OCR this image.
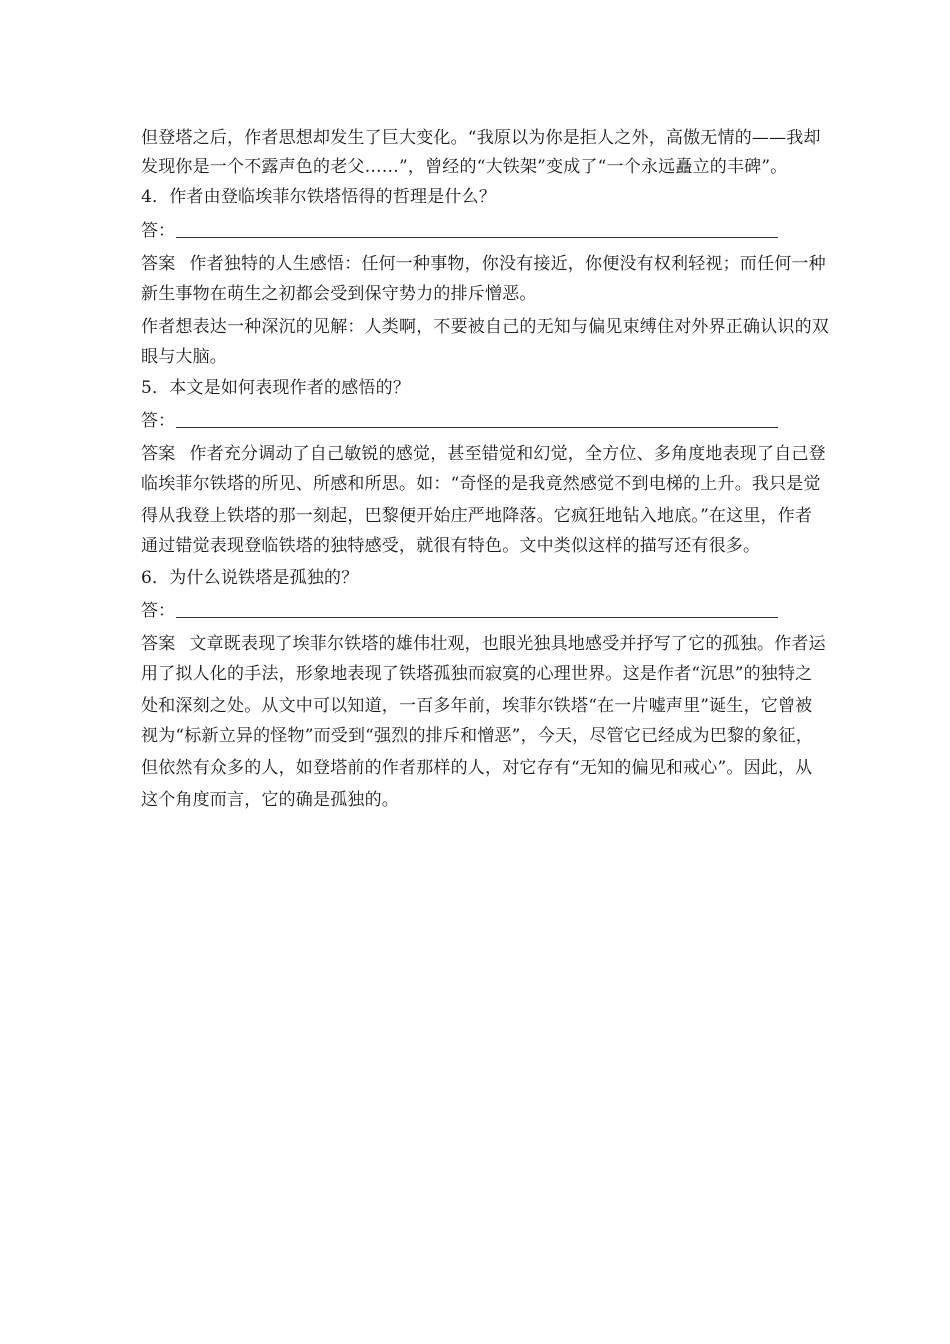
但登塔之后，作者思想却发生了巨大变化。“我原以为你是拒人之外，高傲无情的——我却
发现你是一个不露声色的老父……”，曾经的“大铁架”变成了“一个永远矗立的丰碑”。
4．作者由登临埃菲尔铁塔悟得的哲理是什么？
答：
答案 作者独特的人生感悟：任何一种事物，你没有接近，你便没有权利轻视；而任何一种
新生事物在萌生之初都会受到保守势力的排斥憎恶。
作者想表达一种深沉的见解：人类啊，不要被自己的无知与偏见束缚住对外界正确认识的双
眼与大脑。
5．本文是如何表现作者的感悟的？
答：
答案 作者充分调动了自己敏锐的感觉，甚至错觉和幻觉，全方位、多角度地表现了自己登
临埃菲尔铁塔的所见、所感和所思。如：“奇怪的是我竟然感觉不到电梯的上升。我只是觉
得从我登上铁塔的那一刻起，巴黎便开始庄严地降落。它疯狂地钻入地底。”在这里，作者
通过错觉表现登临铁塔的独特感受，就很有特色。文中类似这样的描写还有很多。
6．为什么说铁塔是孤独的？
答：
答案 文章既表现了埃菲尔铁塔的雄伟壮观，也眼光独具地感受并抒写了它的孤独。作者运
用了拟人化的手法，形象地表现了铁塔孤独而寂寞的心理世界。这是作者“沉思”的独特之
处和深刻之处。从文中可以知道，一百多年前，埃菲尔铁塔“在一片嘘声里”诞生，它曾被
视为“标新立异的怪物”而受到“强烈的排斥和憎恶”，今天，尽管它已经成为巴黎的象征，
但依然有众多的人，如登塔前的作者那样的人，对它存有“无知的偏见和戒心”。因此，从
这个角度而言，它的确是孤独的。
